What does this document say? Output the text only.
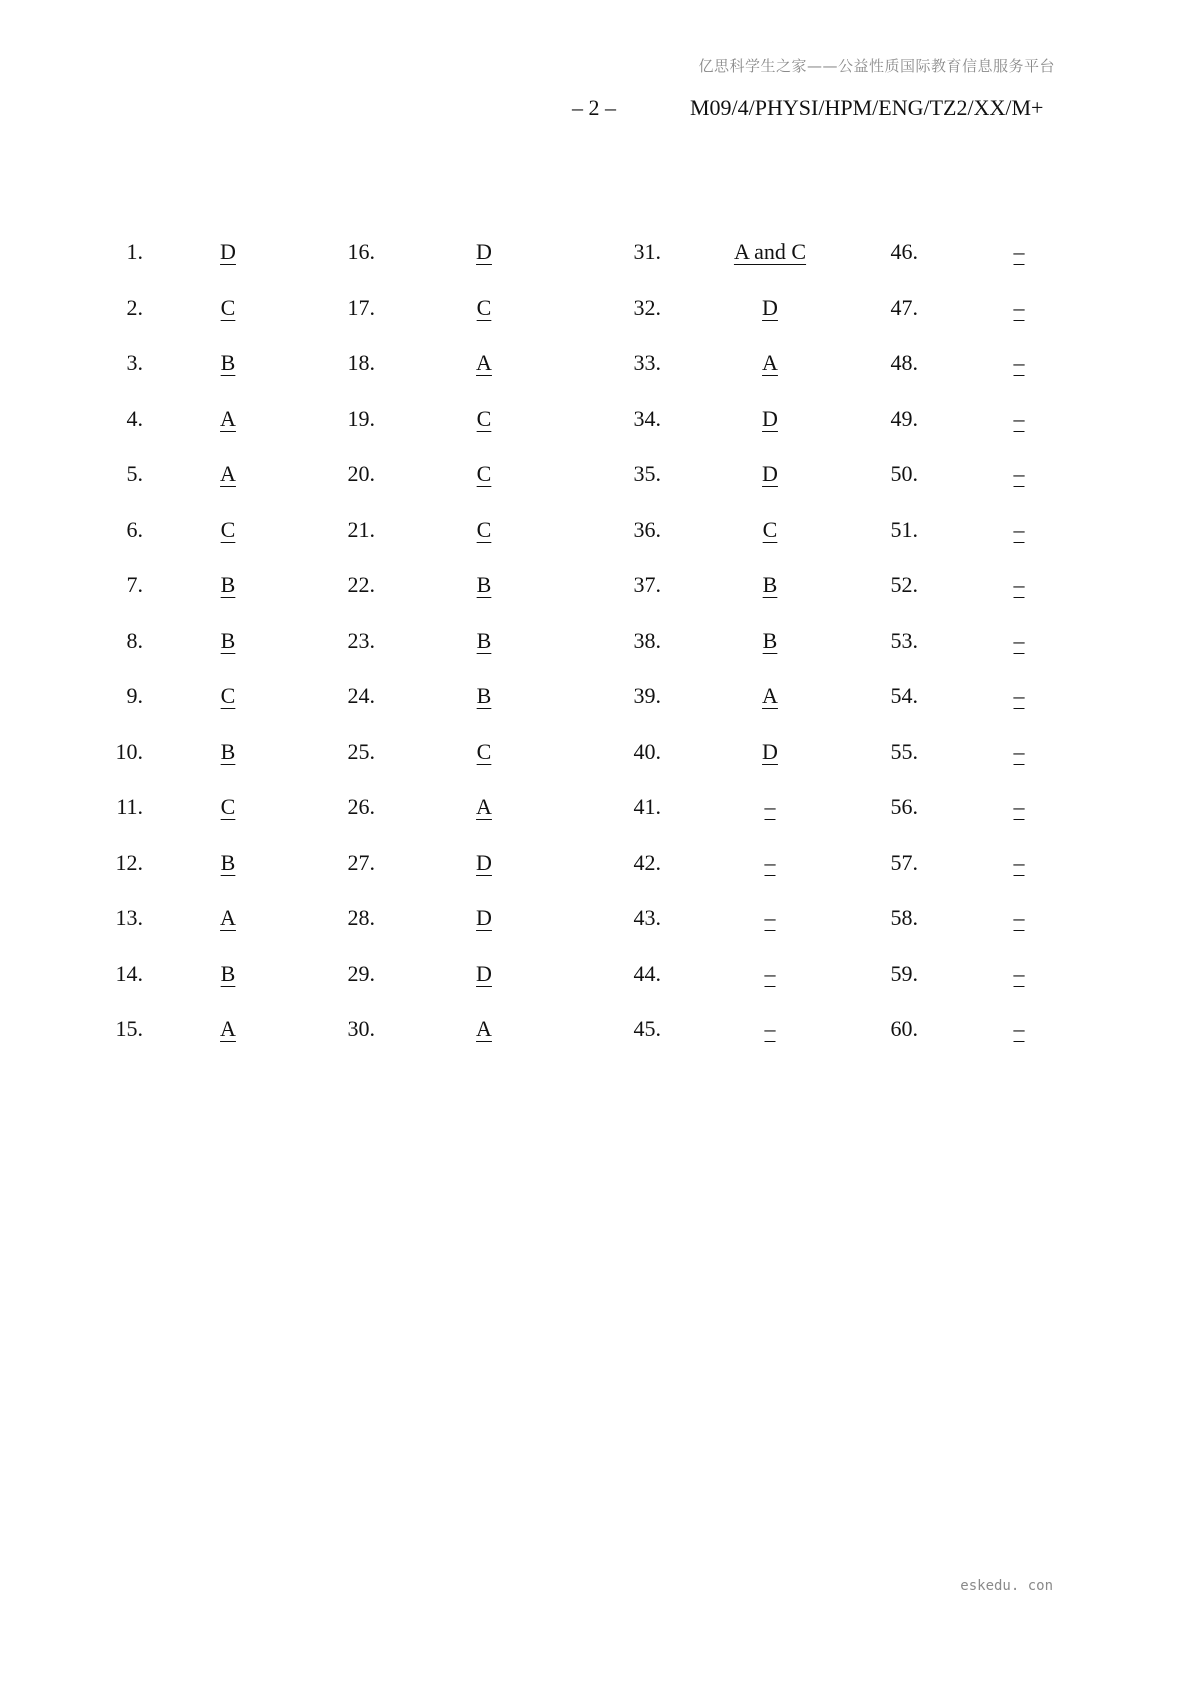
亿思科学生之家——公益性质国际教育信息服务平台
– 2 –	M09/4/PHYSI/HPM/ENG/TZ2/XX/M+
1.	D	16.	D	31.	A and C	46.	–
2.	C	17.	C	32.	D	47.	–
3.	B	18.	A	33.	A	48.	–
4.	A	19.	C	34.	D	49.	–
5.	A	20.	C	35.	D	50.	–
6.	C	21.	C	36.	C	51.	–
7.	B	22.	B	37.	B	52.	–
8.	B	23.	B	38.	B	53.	–
9.	C	24.	B	39.	A	54.	–
10.	B	25.	C	40.	D	55.	–
11.	C	26.	A	41.	–	56.	–
12.	B	27.	D	42.	–	57.	–
13.	A	28.	D	43.	–	58.	–
14.	B	29.	D	44.	–	59.	–
15.	A	30.	A	45.	–	60.	–
eskedu. con
